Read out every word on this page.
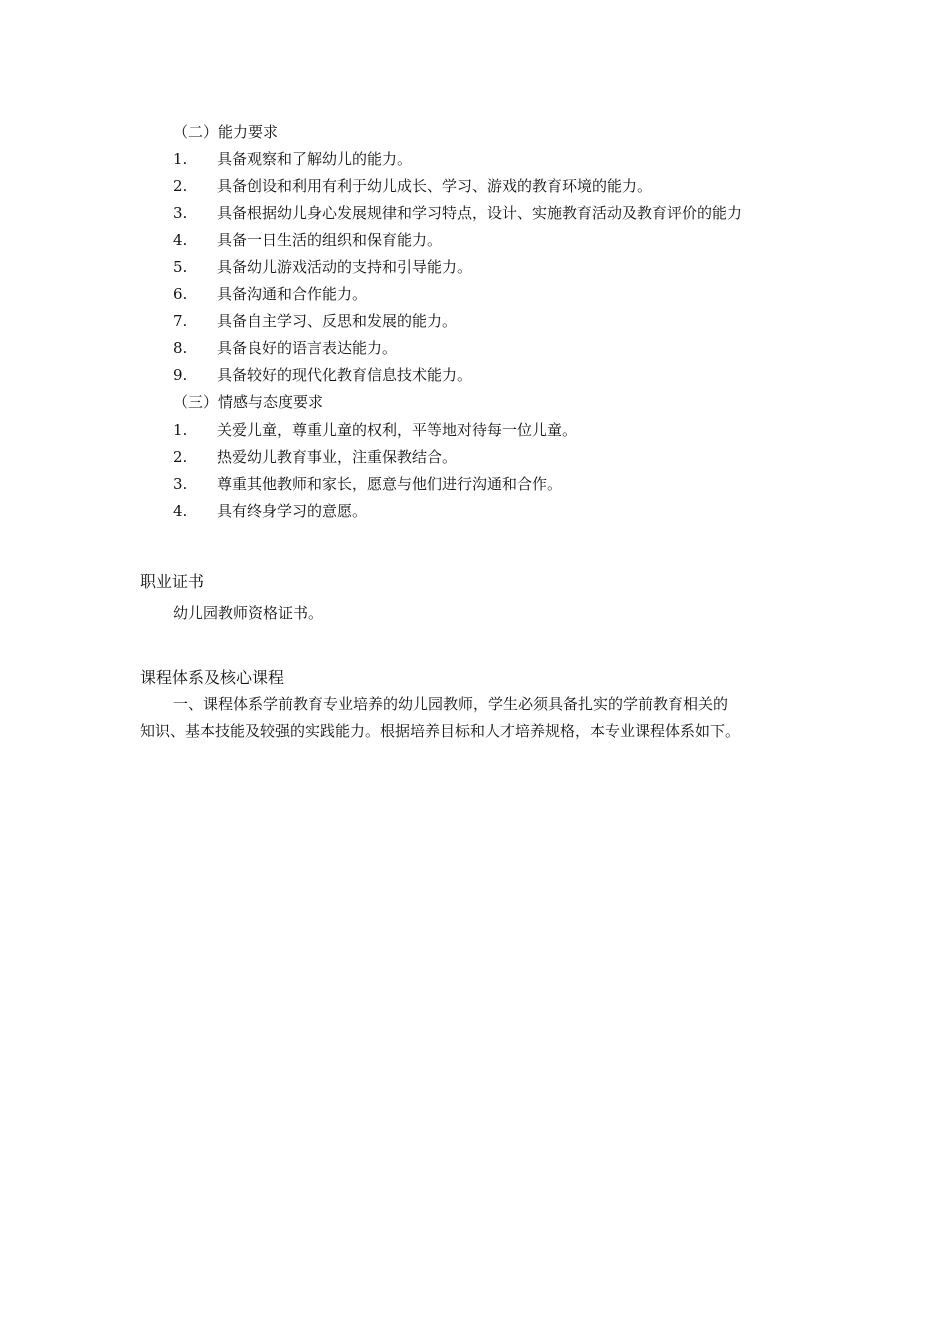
（二）能力要求
1. 具备观察和了解幼儿的能力。
2. 具备创设和利用有利于幼儿成长、学习、游戏的教育环境的能力。
3. 具备根据幼儿身心发展规律和学习特点，设计、实施教育活动及教育评价的能力
4. 具备一日生活的组织和保育能力。
5. 具备幼儿游戏活动的支持和引导能力。
6. 具备沟通和合作能力。
7. 具备自主学习、反思和发展的能力。
8. 具备良好的语言表达能力。
9. 具备较好的现代化教育信息技术能力。
（三）情感与态度要求
1. 关爱儿童，尊重儿童的权利，平等地对待每一位儿童。
2. 热爱幼儿教育事业，注重保教结合。
3. 尊重其他教师和家长，愿意与他们进行沟通和合作。
4. 具有终身学习的意愿。
职业证书
幼儿园教师资格证书。
课程体系及核心课程
一、课程体系学前教育专业培养的幼儿园教师，学生必须具备扎实的学前教育相关的
知识、基本技能及较强的实践能力。根据培养目标和人才培养规格，本专业课程体系如下。
